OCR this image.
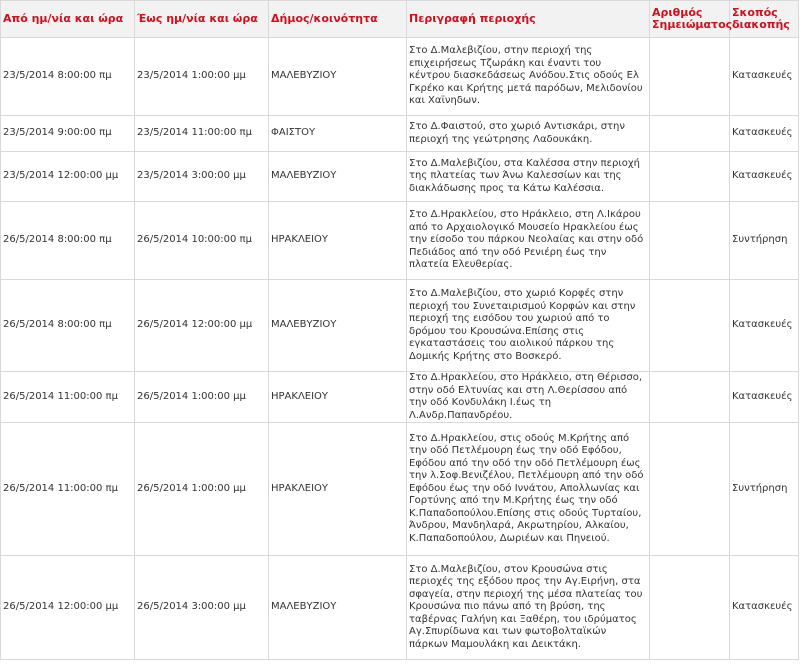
Από ημ/νία και ώρα	Έως ημ/νία και ώρα	Δήμος/κοινότητα	Περιγραφή περιοχής	Αριθμός Σημειώματος	Σκοπός διακοπής

23/5/2014 8:00:00 πμ	23/5/2014 1:00:00 μμ	ΜΑΛΕΒΥΖΙΟΥ	Στο Δ.Μαλεβιζίου, στην περιοχή της επιχειρήσεως Τζωράκη και έναντι του κέντρου διασκεδάσεως Ανόδου.Στις οδούς Ελ Γκρέκο και Κρήτης μετά παρόδων, Μελιδονίου και Χαϊνηδων.		Κατασκευές

23/5/2014 9:00:00 πμ	23/5/2014 11:00:00 πμ	ΦΑΙΣΤΟΥ	Στο Δ.Φαιστού, στο χωριό Αντισκάρι, στην περιοχή της γεώτρησης Λαδουκάκη.		Κατασκευές

23/5/2014 12:00:00 μμ	23/5/2014 3:00:00 μμ	ΜΑΛΕΒΥΖΙΟΥ	Στο Δ.Μαλεβιζίου, στα Καλέσσα στην περιοχή της πλατείας των Άνω Καλεσσίων και της διακλάδωσης προς τα Κάτω Καλέσσια.		Κατασκευές

26/5/2014 8:00:00 πμ	26/5/2014 10:00:00 πμ	ΗΡΑΚΛΕΙΟΥ	Στο Δ.Ηρακλείου, στο Ηράκλειο, στη Λ.Ικάρου από το Αρχαιολογικό Μουσείο Ηρακλείου έως την είσοδο του πάρκου Νεολαίας και στην οδό Πεδιάδος από την οδό Ρενιέρη έως την πλατεία Ελευθερίας.		Συντήρηση

26/5/2014 8:00:00 πμ	26/5/2014 12:00:00 μμ	ΜΑΛΕΒΥΖΙΟΥ	Στο Δ.Μαλεβιζίου, στο χωριό Κορφές στην περιοχή του Συνεταιρισμού Κορφών και στην περιοχή της εισόδου του χωριού από το δρόμου του Κρουσώνα.Επίσης στις εγκαταστάσεις του αιολικού πάρκου της Δομικής Κρήτης στο Βοσκερό.		Κατασκευές

26/5/2014 11:00:00 πμ	26/5/2014 1:00:00 μμ	ΗΡΑΚΛΕΙΟΥ	Στο Δ.Ηρακλείου, στο Ηράκλειο, στη Θέρισσο, στην οδό Ελτυνίας και στη Λ.Θερίσσου από την οδό Κονδυλάκη Ι.έως τη Λ.Ανδρ.Παπανδρέου.		Κατασκευές

26/5/2014 11:00:00 πμ	26/5/2014 1:00:00 μμ	ΗΡΑΚΛΕΙΟΥ	Στο Δ.Ηρακλείου, στις οδούς Μ.Κρήτης από την οδό Πετλέμουρη έως την οδό Εφόδου, Εφόδου από την οδό την οδό Πετλέμουρη έως την λ.Σοφ.Βενιζέλου, Πετλέμουρη από την οδό Εφόδου έως την οδό Ιννάτου, Απολλωνίας και Γορτύνης από την Μ.Κρήτης έως την οδό Κ.Παπαδοπούλου.Επίσης στις οδούς Τυρταίου, Άνδρου, Μανδηλαρά, Ακρωτηρίου, Αλκαίου, Κ.Παπαδοπούλου, Δωριέων και Πηνειού.		Συντήρηση

26/5/2014 12:00:00 μμ	26/5/2014 3:00:00 μμ	ΜΑΛΕΒΥΖΙΟΥ	Στο Δ.Μαλεβιζίου, στον Κρουσώνα στις περιοχές της εξόδου προς την Αγ.Ειρήνη, στα σφαγεία, στην περιοχή της μέσα πλατείας του Κρουσώνα πιο πάνω από τη βρύση, της ταβέρνας Γαλήνη και Ξαθέρη, του ιδρύματος Αγ.Σπυρίδωνα και των φωτοβολταϊκών πάρκων Μαμουλάκη και Δεικτάκη.		Κατασκευές
